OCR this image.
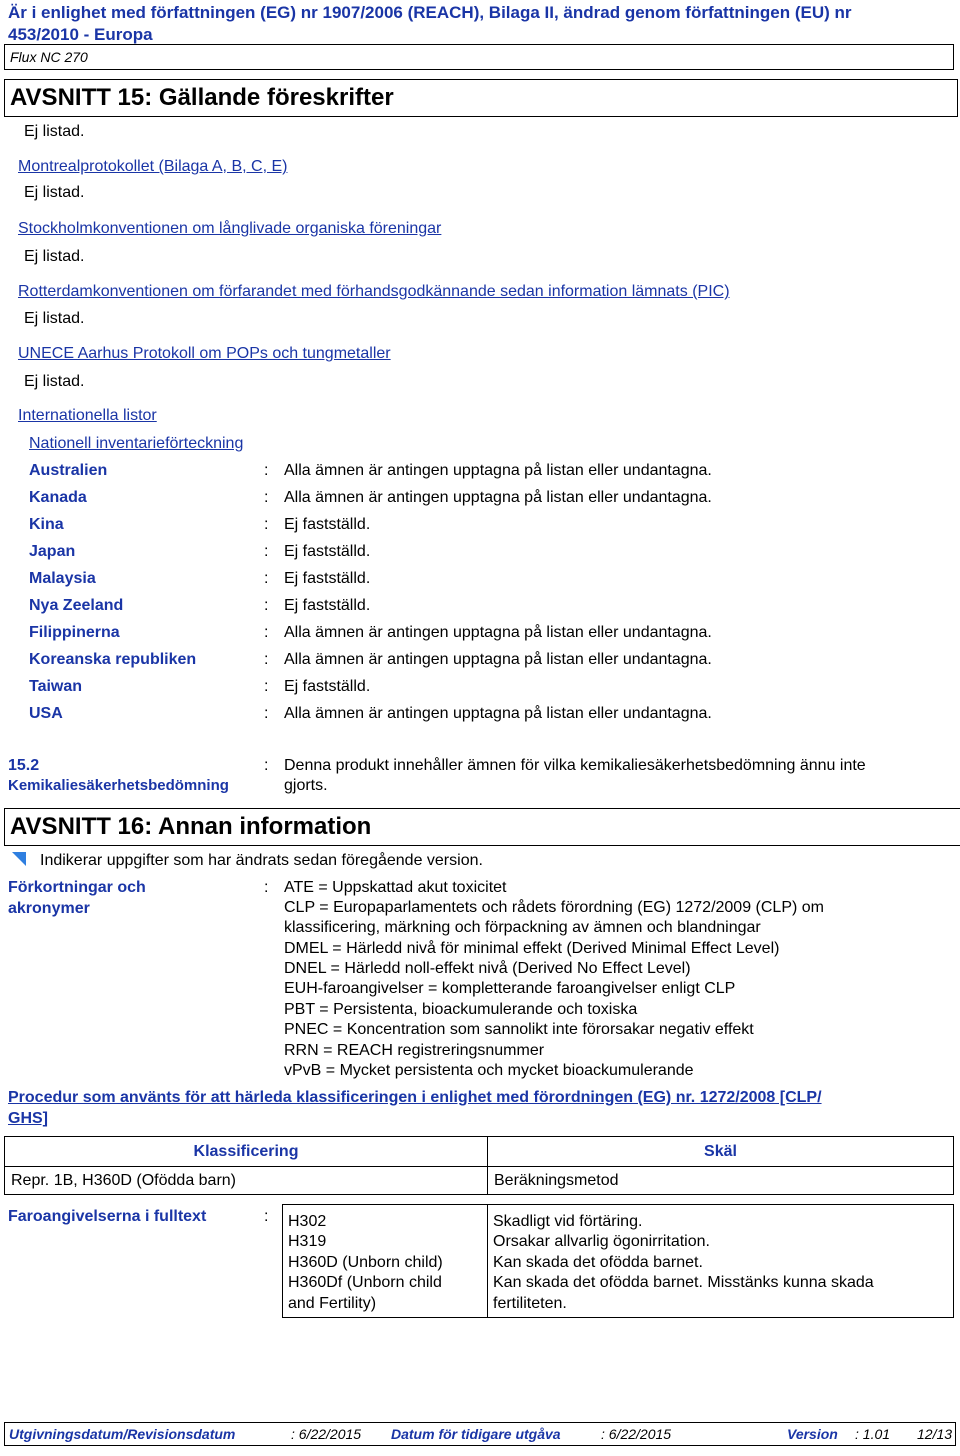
Är i enlighet med författningen (EG) nr 1907/2006 (REACH), Bilaga II, ändrad genom författningen (EU) nr
453/2010 - Europa
Flux NC 270
AVSNITT 15: Gällande föreskrifter
Ej listad.
Montrealprotokollet (Bilaga A, B, C, E)
Ej listad.
Stockholmkonventionen om långlivade organiska föreningar
Ej listad.
Rotterdamkonventionen om förfarandet med förhandsgodkännande sedan information lämnats (PIC)
Ej listad.
UNECE Aarhus Protokoll om POPs och tungmetaller
Ej listad.
Internationella listor
Nationell inventarieförteckning
Australien	: Alla ämnen är antingen upptagna på listan eller undantagna.
Kanada	: Alla ämnen är antingen upptagna på listan eller undantagna.
Kina	: Ej fastställd.
Japan	: Ej fastställd.
Malaysia	: Ej fastställd.
Nya Zeeland	: Ej fastställd.
Filippinerna	: Alla ämnen är antingen upptagna på listan eller undantagna.
Koreanska republiken	: Alla ämnen är antingen upptagna på listan eller undantagna.
Taiwan	: Ej fastställd.
USA	: Alla ämnen är antingen upptagna på listan eller undantagna.
15.2
Kemikaliesäkerhetsbedömning
: Denna produkt innehåller ämnen för vilka kemikaliesäkerhetsbedömning ännu inte
gjorts.
AVSNITT 16: Annan information
Indikerar uppgifter som har ändrats sedan föregående version.
Förkortningar och
akronymer
: ATE = Uppskattad akut toxicitet
CLP = Europaparlamentets och rådets förordning (EG) 1272/2009 (CLP) om
klassificering, märkning och förpackning av ämnen och blandningar
DMEL = Härledd nivå för minimal effekt (Derived Minimal Effect Level)
DNEL = Härledd noll-effekt nivå (Derived No Effect Level)
EUH-faroangivelser = kompletterande faroangivelser enligt CLP
PBT = Persistenta, bioackumulerande och toxiska
PNEC = Koncentration som sannolikt inte förorsakar negativ effekt
RRN = REACH registreringsnummer
vPvB = Mycket persistenta och mycket bioackumulerande
Procedur som använts för att härleda klassificeringen i enlighet med förordningen (EG) nr. 1272/2008 [CLP/
GHS]
Klassificering	Skäl
Repr. 1B, H360D (Ofödda barn)	Beräkningsmetod
Faroangivelserna i fulltext	: H302	Skadligt vid förtäring.
H319	Orsakar allvarlig ögonirritation.
H360D (Unborn child)	Kan skada det ofödda barnet.
H360Df (Unborn child	Kan skada det ofödda barnet. Misstänks kunna skada
and Fertility)	fertiliteten.
Utgivningsdatum/Revisionsdatum	: 6/22/2015 Datum för tidigare utgåva	: 6/22/2015	Version : 1.01 12/13
